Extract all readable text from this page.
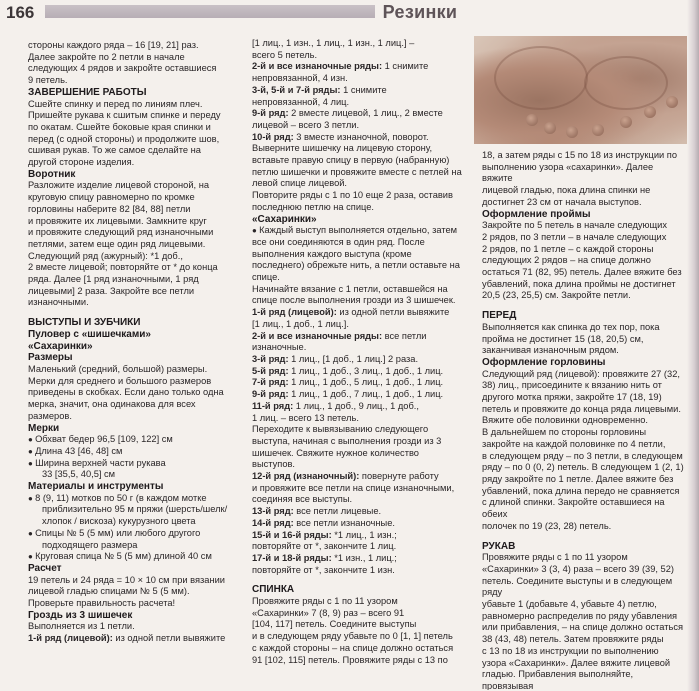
166	Резинки

стороны каждого ряда – 16 [19, 21] раз.

Далее закройте по 2 петли в начале

следующих 4 рядов и закройте оставшиеся

9 петель.

ЗАВЕРШЕНИЕ РАБОТЫ

Сшейте спинку и перед по линиям плеч.

Пришейте рукава к сшитым спинке и переду

по окатам. Сшейте боковые края спинки и

перед (с одной стороны) и продолжите шов,

сшивая рукав. То же самое сделайте на

другой стороне изделия.

Воротник

Разложите изделие лицевой стороной, на

круговую спицу равномерно по кромке

горловины наберите 82 [84, 88] петли

и провяжите их лицевыми. Замкните круг

и провяжите следующий ряд изнаночными

петлями, затем еще один ряд лицевыми.

Следующий ряд (ажурный): *1 доб.,

2 вместе лицевой; повторяйте от * до конца

ряда. Далее [1 ряд изнаночными, 1 ряд

лицевыми] 2 раза. Закройте все петли

изнаночными.

ВЫСТУПЫ И ЗУБЧИКИ

Пуловер с «шишечками»

«Сахаринки»

Размеры

Маленький (средний, большой) размеры.

Мерки для среднего и большого размеров

приведены в скобках. Если дано только одна

мерка, значит, она одинакова для всех

размеров.

Мерки

● Обхват бедер 96,5 [109, 122] см

● Длина 43 [46, 48] см

● Ширина верхней части рукава

33 [35,5, 40,5] см

Материалы и инструменты

● 8 (9, 11) мотков по 50 г (в каждом мотке

приблизительно 95 м пряжи (шерсть/шелк/

хлопок / вискоза) кукурузного цвета

● Спицы № 5 (5 мм) или любого другого

подходящего размера

● Круговая спица № 5 (5 мм) длиной 40 см

Расчет

19 петель и 24 ряда = 10 × 10 см при вязании

лицевой гладью спицами № 5 (5 мм).

Проверьте правильность расчета!

Гроздь из 3 шишечек

Выполняется из 1 петли.

1-й ряд (лицевой): из одной петли вывяжите

[1 лиц., 1 изн., 1 лиц., 1 изн., 1 лиц.] –

всего 5 петель.

2-й и все изнаночные ряды: 1 снимите

непровязанной, 4 изн.

3-й, 5-й и 7-й ряды: 1 снимите

непровязанной, 4 лиц.

9-й ряд: 2 вместе лицевой, 1 лиц., 2 вместе

лицевой – всего 3 петли.

10-й ряд: 3 вместе изнаночной, поворот.

Выверните шишечку на лицевую сторону,

вставьте правую спицу в первую (набранную)

петлю шишечки и провяжите вместе с петлей на

левой спице лицевой.

Повторите ряды с 1 по 10 еще 2 раза, оставив

последнюю петлю на спице.

«Сахаринки»

● Каждый выступ выполняется отдельно, затем

все они соединяются в один ряд. После

выполнения каждого выступа (кроме

последнего) обрежьте нить, а петли оставьте на

спице.

Начинайте вязание с 1 петли, оставшейся на

спице после выполнения грозди из 3 шишечек.

1-й ряд (лицевой): из одной петли вывяжите

[1 лиц., 1 доб., 1 лиц.].

2-й и все изнаночные ряды: все петли

изнаночные.

3-й ряд: 1 лиц., [1 доб., 1 лиц.] 2 раза.

5-й ряд: 1 лиц., 1 доб., 3 лиц., 1 доб., 1 лиц.

7-й ряд: 1 лиц., 1 доб., 5 лиц., 1 доб., 1 лиц.

9-й ряд: 1 лиц., 1 доб., 7 лиц., 1 доб., 1 лиц.

11-й ряд: 1 лиц., 1 доб., 9 лиц., 1 доб.,

1 лиц. – всего 13 петель.

Переходите к вывязыванию следующего

выступа, начиная с выполнения грозди из 3

шишечек. Свяжите нужное количество выступов.

12-й ряд (изнаночный): повернуте работу

и провяжите все петли на спице изнаночными,

соединяя все выступы.

13-й ряд: все петли лицевые.

14-й ряд: все петли изнаночные.

15-й и 16-й ряды: *1 лиц., 1 изн.;

повторяйте от *, закончите 1 лиц.

17-й и 18-й ряды: *1 изн., 1 лиц.;

повторяйте от *, закончите 1 изн.

СПИНКА

Провяжите ряды с 1 по 11 узором

«Сахаринки» 7 (8, 9) раз – всего 91

[104, 117] петель. Соедините выступы

и в следующем ряду убавьте по 0 [1, 1] петель

с каждой стороны – на спице должно остаться

91 [102, 115] петель. Провяжите ряды с 13 по

18, а затем ряды с 15 по 18 из инструкции по

выполнению узора «сахаринки». Далее вяжите

лицевой гладью, пока длина спинки не

достигнет 23 см от начала выступов.

Оформление проймы

Закройте по 5 петель в начале следующих

2 рядов, по 3 петли – в начале следующих

2 рядов, по 1 петле – с каждой стороны

следующих 2 рядов – на спице должно

остаться 71 (82, 95) петель. Далее вяжите без

убавлений, пока длина проймы не достигнет

20,5 (23, 25,5) см. Закройте петли.

ПЕРЕД

Выполняется как спинка до тех пор, пока

пройма не достигнет 15 (18, 20,5) см,

заканчивая изнаночным рядом.

Оформление горловины

Следующий ряд (лицевой): провяжите 27 (32,

38) лиц., присоедините к вязанию нить от

другого мотка пряжи, закройте 17 (18, 19)

петель и провяжите до конца ряда лицевыми.

Вяжите обе половинки одновременно.

В дальнейшем по стороны горловины

закройте на каждой половинке по 4 петли,

в следующем ряду – по 3 петли, в следующем

ряду – по 0 (0, 2) петель. В следующем 1 (2, 1)

ряду закройте по 1 петле. Далее вяжите без

убавлений, пока длина передо не сравняется

с длиной спинки. Закройте оставшиеся на обеих

полочек по 19 (23, 28) петель.

РУКАВ

Провяжите ряды с 1 по 11 узором

«Сахаринки» 3 (3, 4) раза – всего 39 (39, 52)

петель. Соедините выступы и в следующем ряду

убавьте 1 (добавьте 4, убавьте 4) петлю,

равномерно распределив по ряду убавления

или прибавления, – на спице должно остаться

38 (43, 48) петель. Затем провяжите ряды

с 13 по 18 из инструкции по выполнению

узора «Сахаринки». Далее вяжите лицевой

гладью. Прибавления выполняйте, провязывая
